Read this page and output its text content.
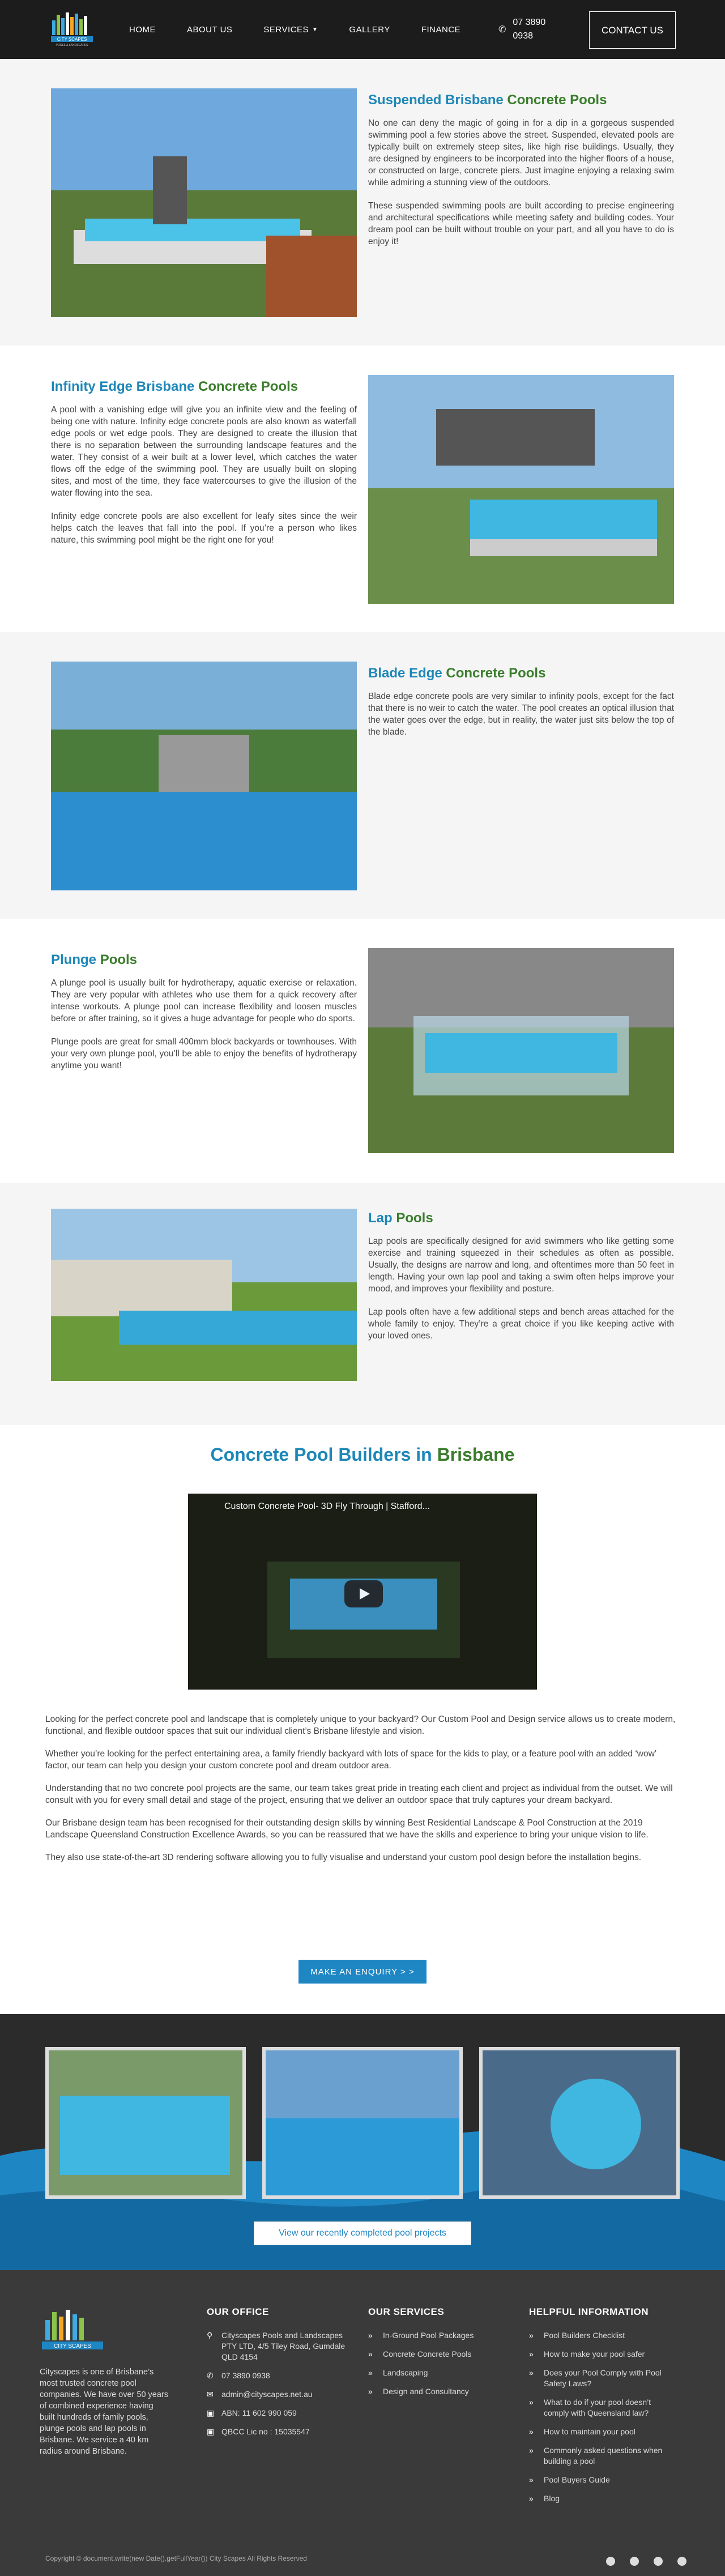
CITY SCAPES
POOLS & LANDSCAPES
HOME	ABOUT US	SERVICES ▼	GALLERY	FINANCE	✆
07 3890 0938
CONTACT US
Suspended Brisbane Concrete Pools

No one can deny the magic of going in for a dip in a gorgeous suspended swimming pool a few stories above the street. Suspended, elevated pools are typically built on extremely steep sites, like high rise buildings. Usually, they are designed by engineers to be incorporated into the higher floors of a house, or constructed on large, concrete piers. Just imagine enjoying a relaxing swim while admiring a stunning view of the outdoors.

These suspended swimming pools are built according to precise engineering and architectural specifications while meeting safety and building codes. Your dream pool can be built without trouble on your part, and all you have to do is enjoy it!

Infinity Edge Brisbane Concrete Pools

A pool with a vanishing edge will give you an infinite view and the feeling of being one with nature. Infinity edge concrete pools are also known as waterfall edge pools or wet edge pools. They are designed to create the illusion that there is no separation between the surrounding landscape features and the water. They consist of a weir built at a lower level, which catches the water flows off the edge of the swimming pool. They are usually built on sloping sites, and most of the time, they face watercourses to give the illusion of the water flowing into the sea.

Infinity edge concrete pools are also excellent for leafy sites since the weir helps catch the leaves that fall into the pool. If you’re a person who likes nature, this swimming pool might be the right one for you!

Blade Edge Concrete Pools

Blade edge concrete pools are very similar to infinity pools, except for the fact that there is no weir to catch the water. The pool creates an optical illusion that the water goes over the edge, but in reality, the water just sits below the top of the blade.

Plunge Pools

A plunge pool is usually built for hydrotherapy, aquatic exercise or relaxation. They are very popular with athletes who use them for a quick recovery after intense workouts. A plunge pool can increase flexibility and loosen muscles before or after training, so it gives a huge advantage for people who do sports.

Plunge pools are great for small 400mm block backyards or townhouses. With your very own plunge pool, you’ll be able to enjoy the benefits of hydrotherapy anytime you want!

Lap Pools

Lap pools are specifically designed for avid swimmers who like getting some exercise and training squeezed in their schedules as often as possible. Usually, the designs are narrow and long, and oftentimes more than 50 feet in length. Having your own lap pool and taking a swim often helps improve your mood, and improves your flexibility and posture.

Lap pools often have a few additional steps and bench areas attached for the whole family to enjoy. They’re a great choice if you like keeping active with your loved ones.

Concrete Pool Builders in Brisbane
Custom Concrete Pool- 3D Fly Through | Stafford...

Looking for the perfect concrete pool and landscape that is completely unique to your backyard? Our Custom Pool and Design service allows us to create modern, functional, and flexible outdoor spaces that suit our individual client’s Brisbane lifestyle and vision.

Whether you’re looking for the perfect entertaining area, a family friendly backyard with lots of space for the kids to play, or a feature pool with an added ‘wow’ factor, our team can help you design your custom concrete pool and dream outdoor area.

Understanding that no two concrete pool projects are the same, our team takes great pride in treating each client and project as individual from the outset. We will consult with you for every small detail and stage of the project, ensuring that we deliver an outdoor space that truly captures your dream backyard.

Our Brisbane design team has been recognised for their outstanding design skills by winning Best Residential Landscape & Pool Construction at the 2019 Landscape Queensland Construction Excellence Awards, so you can be reassured that we have the skills and experience to bring your unique vision to life.

They also use state-of-the-art 3D rendering software allowing you to fully visualise and understand your custom pool design before the installation begins.

MAKE AN ENQUIRY > >
View our recently completed pool projects
CITY SCAPES
Cityscapes is one of Brisbane’s most trusted concrete pool companies. We have over 50 years of combined experience having built hundreds of family pools, plunge pools and lap pools in Brisbane. We service a 40 km radius around Brisbane.
OUR OFFICE
⚲ Cityscapes Pools and Landscapes PTY LTD, 4/5 Tiley Road, Gumdale QLD 4154
✆ 07 3890 0938
✉ admin@cityscapes.net.au
▣ ABN: 11 602 990 059
▣ QBCC Lic no : 15035547
OUR SERVICES
»	In-Ground Pool Packages
»	Concrete Concrete Pools
»	Landscaping
»	Design and Consultancy
HELPFUL INFORMATION
»	Pool Builders Checklist
»	How to make your pool safer
»	Does your Pool Comply with Pool Safety Laws?
»	What to do if your pool doesn’t comply with Queensland law?
»	How to maintain your pool
»	Commonly asked questions when building a pool
»	Pool Buyers Guide
»	Blog
Copyright © document.write(new Date().getFullYear()) City Scapes All Rights Reserved
